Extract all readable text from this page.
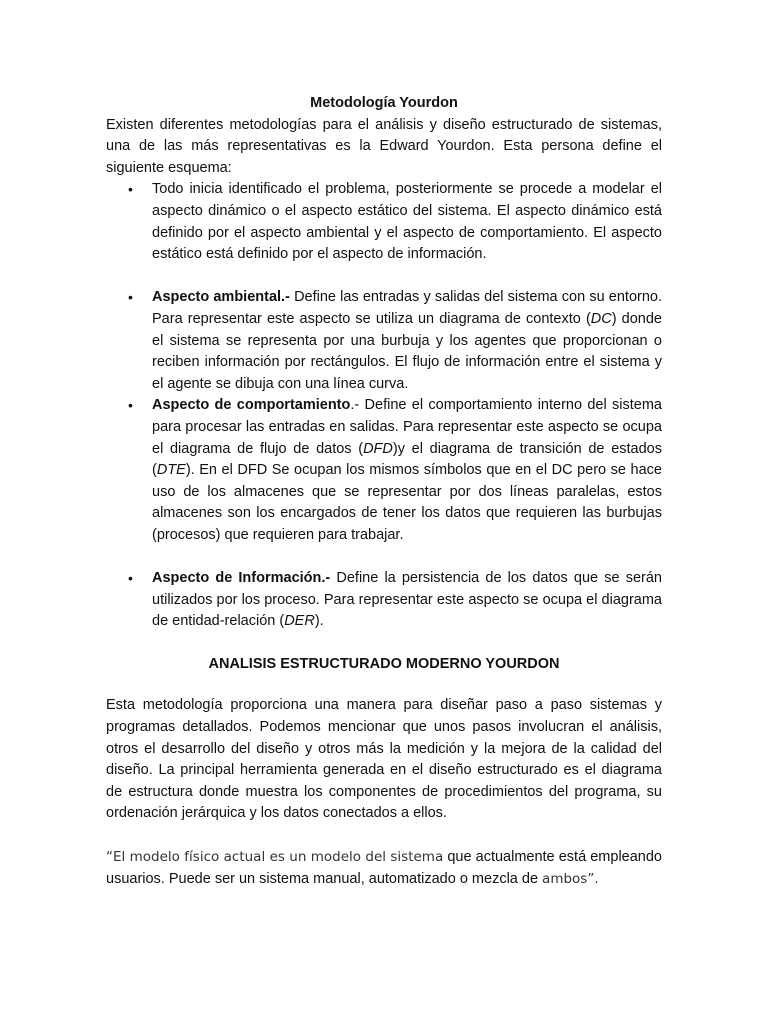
Metodología Yourdon

Existen diferentes metodologías para el análisis y diseño estructurado de sistemas, una de las más representativas es la Edward Yourdon. Esta persona define el siguiente esquema:

• Todo inicia identificado el problema, posteriormente se procede a modelar el aspecto dinámico o el aspecto estático del sistema. El aspecto dinámico está definido por el aspecto ambiental y el aspecto de comportamiento. El aspecto estático está definido por el aspecto de información.
• Aspecto ambiental.- Define las entradas y salidas del sistema con su entorno. Para representar este aspecto se utiliza un diagrama de contexto (DC) donde el sistema se representa por una burbuja y los agentes que proporcionan o reciben información por rectángulos. El flujo de información entre el sistema y el agente se dibuja con una línea curva.
• Aspecto de comportamiento.- Define el comportamiento interno del sistema para procesar las entradas en salidas. Para representar este aspecto se ocupa el diagrama de flujo de datos (DFD)y el diagrama de transición de estados (DTE). En el DFD Se ocupan los mismos símbolos que en el DC pero se hace uso de los almacenes que se representar por dos líneas paralelas, estos almacenes son los encargados de tener los datos que requieren las burbujas (procesos) que requieren para trabajar.
• Aspecto de Información.- Define la persistencia de los datos que se serán utilizados por los proceso. Para representar este aspecto se ocupa el diagrama de entidad-relación (DER).

ANALISIS ESTRUCTURADO MODERNO YOURDON

Esta metodología proporciona una manera para diseñar paso a paso sistemas y programas detallados. Podemos mencionar que unos pasos involucran el análisis, otros el desarrollo del diseño y otros más la medición y la mejora de la calidad del diseño. La principal herramienta generada en el diseño estructurado es el diagrama de estructura donde muestra los componentes de procedimientos del programa, su ordenación jerárquica y los datos conectados a ellos.

“El modelo físico actual es un modelo del sistema que actualmente está empleando usuarios. Puede ser un sistema manual, automatizado o mezcla de ambos”.
